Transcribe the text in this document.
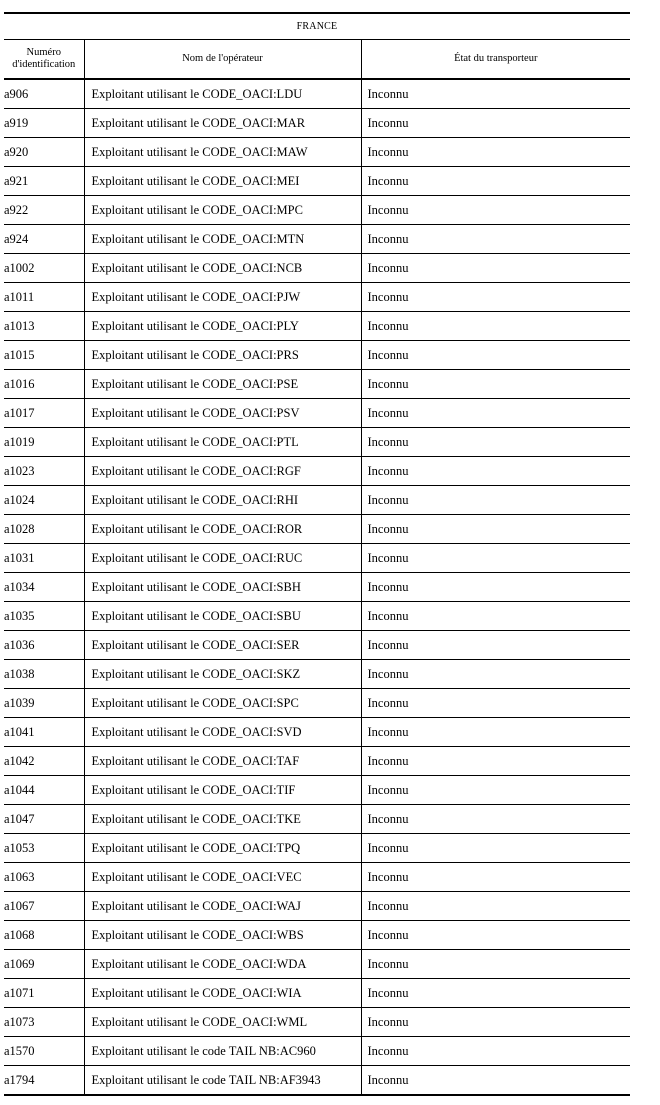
FRANCE		
Numéro d'identification	Nom de l'opérateur	État du transporteur
a906	Exploitant utilisant le CODE_OACI:LDU	Inconnu
a919	Exploitant utilisant le CODE_OACI:MAR	Inconnu
a920	Exploitant utilisant le CODE_OACI:MAW	Inconnu
a921	Exploitant utilisant le CODE_OACI:MEI	Inconnu
a922	Exploitant utilisant le CODE_OACI:MPC	Inconnu
a924	Exploitant utilisant le CODE_OACI:MTN	Inconnu
a1002	Exploitant utilisant le CODE_OACI:NCB	Inconnu
a1011	Exploitant utilisant le CODE_OACI:PJW	Inconnu
a1013	Exploitant utilisant le CODE_OACI:PLY	Inconnu
a1015	Exploitant utilisant le CODE_OACI:PRS	Inconnu
a1016	Exploitant utilisant le CODE_OACI:PSE	Inconnu
a1017	Exploitant utilisant le CODE_OACI:PSV	Inconnu
a1019	Exploitant utilisant le CODE_OACI:PTL	Inconnu
a1023	Exploitant utilisant le CODE_OACI:RGF	Inconnu
a1024	Exploitant utilisant le CODE_OACI:RHI	Inconnu
a1028	Exploitant utilisant le CODE_OACI:ROR	Inconnu
a1031	Exploitant utilisant le CODE_OACI:RUC	Inconnu
a1034	Exploitant utilisant le CODE_OACI:SBH	Inconnu
a1035	Exploitant utilisant le CODE_OACI:SBU	Inconnu
a1036	Exploitant utilisant le CODE_OACI:SER	Inconnu
a1038	Exploitant utilisant le CODE_OACI:SKZ	Inconnu
a1039	Exploitant utilisant le CODE_OACI:SPC	Inconnu
a1041	Exploitant utilisant le CODE_OACI:SVD	Inconnu
a1042	Exploitant utilisant le CODE_OACI:TAF	Inconnu
a1044	Exploitant utilisant le CODE_OACI:TIF	Inconnu
a1047	Exploitant utilisant le CODE_OACI:TKE	Inconnu
a1053	Exploitant utilisant le CODE_OACI:TPQ	Inconnu
a1063	Exploitant utilisant le CODE_OACI:VEC	Inconnu
a1067	Exploitant utilisant le CODE_OACI:WAJ	Inconnu
a1068	Exploitant utilisant le CODE_OACI:WBS	Inconnu
a1069	Exploitant utilisant le CODE_OACI:WDA	Inconnu
a1071	Exploitant utilisant le CODE_OACI:WIA	Inconnu
a1073	Exploitant utilisant le CODE_OACI:WML	Inconnu
a1570	Exploitant utilisant le code TAIL NB:AC960	Inconnu
a1794	Exploitant utilisant le code TAIL NB:AF3943	Inconnu
